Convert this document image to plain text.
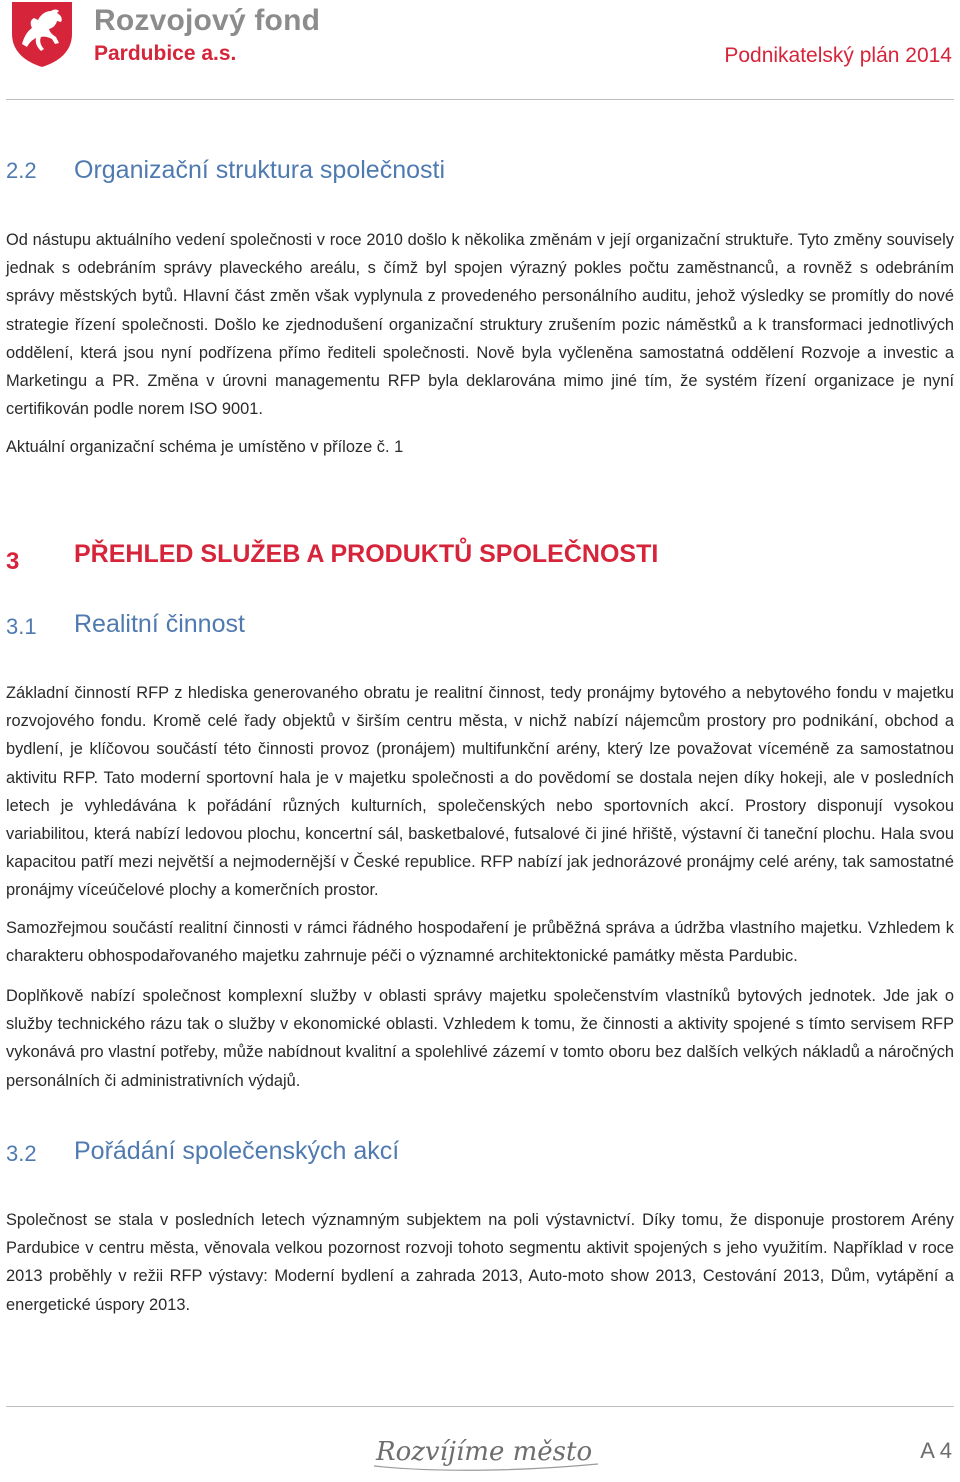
Rozvojový fond
Pardubice a.s.	Podnikatelský plán 2014
2.2 Organizační struktura společnosti

Od nástupu aktuálního vedení společnosti v roce 2010 došlo k několika změnám v její organizační struktuře. Tyto změny souvisely jednak s odebráním správy plaveckého areálu, s čímž byl spojen výrazný pokles počtu zaměstnanců, a rovněž s odebráním správy městských bytů. Hlavní část změn však vyplynula z provedeného personálního auditu, jehož výsledky se promítly do nové strategie řízení společnosti. Došlo ke zjednodušení organizační struktury zrušením pozic náměstků a k transformaci jednotlivých oddělení, která jsou nyní podřízena přímo řediteli společnosti. Nově byla vyčleněna samostatná oddělení Rozvoje a investic a Marketingu a PR. Změna v úrovni managementu RFP byla deklarována mimo jiné tím, že systém řízení organizace je nyní certifikován podle norem ISO 9001.

Aktuální organizační schéma je umístěno v příloze č. 1

3 PŘEHLED SLUŽEB A PRODUKTŮ SPOLEČNOSTI
3.1 Realitní činnost

Základní činností RFP z hlediska generovaného obratu je realitní činnost, tedy pronájmy bytového a nebytového fondu v majetku rozvojového fondu. Kromě celé řady objektů v širším centru města, v nichž nabízí nájemcům prostory pro podnikání, obchod a bydlení, je klíčovou součástí této činnosti provoz (pronájem) multifunkční arény, který lze považovat víceméně za samostatnou aktivitu RFP. Tato moderní sportovní hala je v majetku společnosti a do povědomí se dostala nejen díky hokeji, ale v posledních letech je vyhledávána k pořádání různých kulturních, společenských nebo sportovních akcí. Prostory disponují vysokou variabilitou, která nabízí ledovou plochu, koncertní sál, basketbalové, futsalové či jiné hřiště, výstavní či taneční plochu. Hala svou kapacitou patří mezi největší a nejmodernější v České republice. RFP nabízí jak jednorázové pronájmy celé arény, tak samostatné pronájmy víceúčelové plochy a komerčních prostor.

Samozřejmou součástí realitní činnosti v rámci řádného hospodaření je průběžná správa a údržba vlastního majetku. Vzhledem k charakteru obhospodařovaného majetku zahrnuje péči o významné architektonické památky města Pardubic.

Doplňkově nabízí společnost komplexní služby v oblasti správy majetku společenstvím vlastníků bytových jednotek. Jde jak o služby technického rázu tak o služby v ekonomické oblasti. Vzhledem k tomu, že činnosti a aktivity spojené s tímto servisem RFP vykonává pro vlastní potřeby, může nabídnout kvalitní a spolehlivé zázemí v tomto oboru bez dalších velkých nákladů a náročných personálních či administrativních výdajů.

3.2 Pořádání společenských akcí

Společnost se stala v posledních letech významným subjektem na poli výstavnictví. Díky tomu, že disponuje prostorem Arény Pardubice v centru města, věnovala velkou pozornost rozvoji tohoto segmentu aktivit spojených s jeho využitím. Například v roce 2013 proběhly v režii RFP výstavy: Moderní bydlení a zahrada 2013, Auto-moto show 2013, Cestování 2013, Dům, vytápění a energetické úspory 2013.

Rozvíjíme město	A 4
